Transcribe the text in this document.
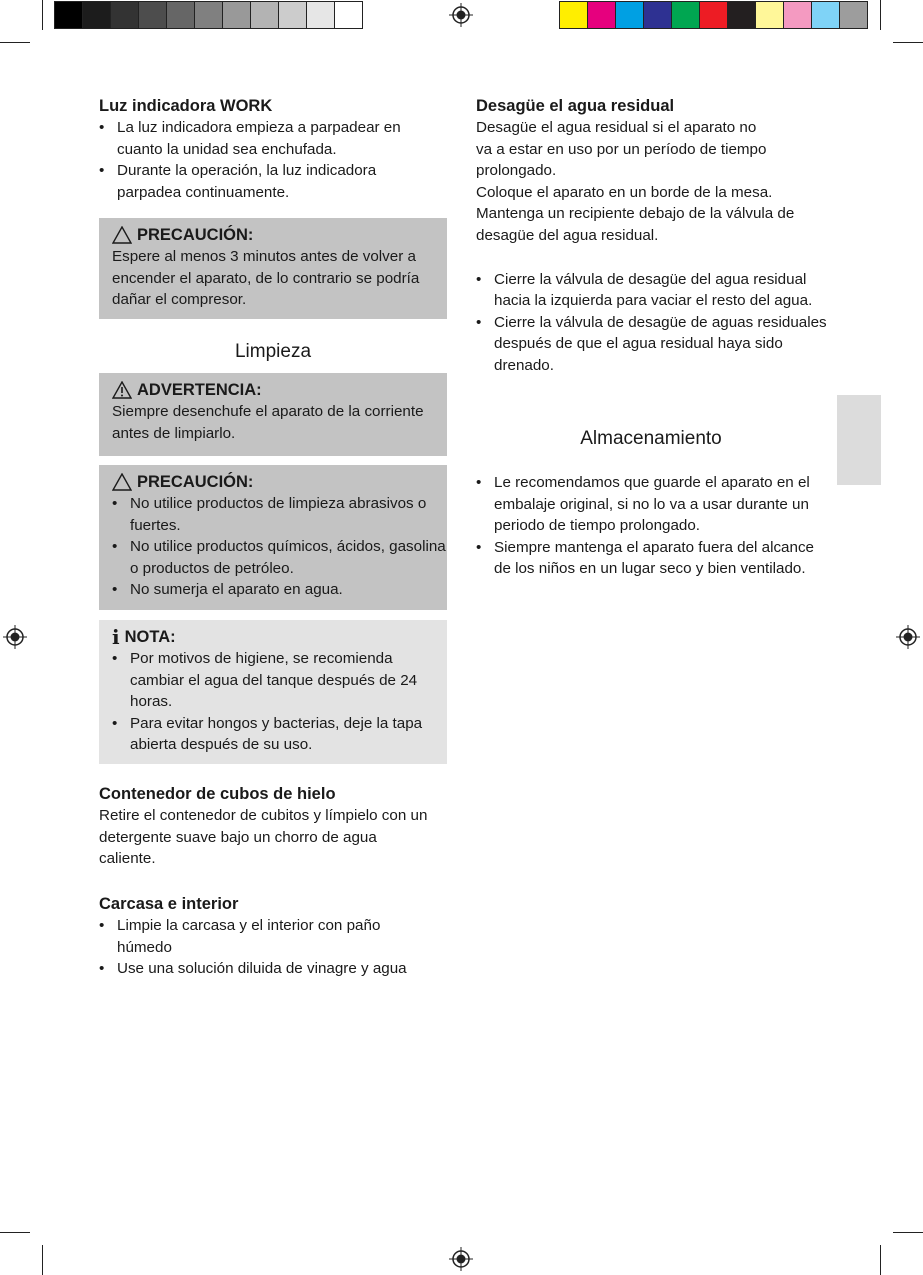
Luz indicadora WORK
• La luz indicadora empieza a parpadear en cuanto la unidad sea enchufada.
• Durante la operación, la luz indicadora parpadea continuamente.
PRECAUCIÓN:

Espere al menos 3 minutos antes de volver a encender el aparato, de lo contrario se podría dañar el compresor.

Limpieza
ADVERTENCIA:

Siempre desenchufe el aparato de la corriente antes de limpiarlo.

PRECAUCIÓN:
• No utilice productos de limpieza abrasivos o fuertes.
• No utilice productos químicos, ácidos, gasolina o productos de petróleo.
• No sumerja el aparato en agua.
i NOTA:
• Por motivos de higiene, se recomienda cambiar el agua del tanque después de 24 horas.
• Para evitar hongos y bacterias, deje la tapa abierta después de su uso.
Contenedor de cubos de hielo

Retire el contenedor de cubitos y límpielo con un detergente suave bajo un chorro de agua caliente.

Carcasa e interior
• Limpie la carcasa y el interior con paño húmedo
• Use una solución diluida de vinagre y agua
Desagüe el agua residual

Desagüe el agua residual si el aparato no

va a estar en uso por un período de tiempo

prolongado.

Coloque el aparato en un borde de la mesa.

Mantenga un recipiente debajo de la válvula de

desagüe del agua residual.

• Cierre la válvula de desagüe del agua residual hacia la izquierda para vaciar el resto del agua.
• Cierre la válvula de desagüe de aguas residuales después de que el agua residual haya sido drenado.
Almacenamiento
• Le recomendamos que guarde el aparato en el embalaje original, si no lo va a usar durante un periodo de tiempo prolongado.
• Siempre mantenga el aparato fuera del alcance de los niños en un lugar seco y bien ventilado.
